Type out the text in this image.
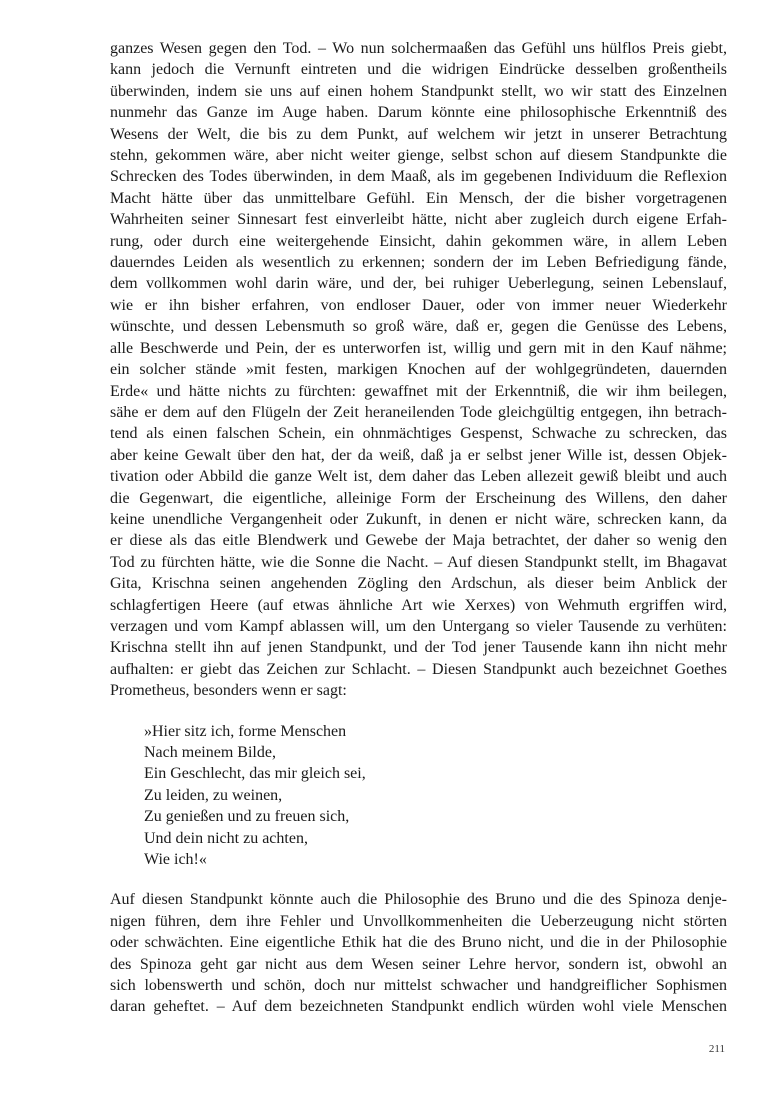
ganzes Wesen gegen den Tod. – Wo nun solchermaaßen das Gefühl uns hülflos Preis giebt,
kann jedoch die Vernunft eintreten und die widrigen Eindrücke desselben großentheils
überwinden, indem sie uns auf einen hohem Standpunkt stellt, wo wir statt des Einzelnen
nunmehr das Ganze im Auge haben. Darum könnte eine philosophische Erkenntniß des
Wesens der Welt, die bis zu dem Punkt, auf welchem wir jetzt in unserer Betrachtung
stehn, gekommen wäre, aber nicht weiter gienge, selbst schon auf diesem Standpunkte die
Schrecken des Todes überwinden, in dem Maaß, als im gegebenen Individuum die Reflexion
Macht hätte über das unmittelbare Gefühl. Ein Mensch, der die bisher vorgetragenen
Wahrheiten seiner Sinnesart fest einverleibt hätte, nicht aber zugleich durch eigene Erfah-
rung, oder durch eine weitergehende Einsicht, dahin gekommen wäre, in allem Leben
dauerndes Leiden als wesentlich zu erkennen; sondern der im Leben Befriedigung fände,
dem vollkommen wohl darin wäre, und der, bei ruhiger Ueberlegung, seinen Lebenslauf,
wie er ihn bisher erfahren, von endloser Dauer, oder von immer neuer Wiederkehr
wünschte, und dessen Lebensmuth so groß wäre, daß er, gegen die Genüsse des Lebens,
alle Beschwerde und Pein, der es unterworfen ist, willig und gern mit in den Kauf nähme;
ein solcher stände »mit festen, markigen Knochen auf der wohlgegründeten, dauernden
Erde« und hätte nichts zu fürchten: gewaffnet mit der Erkenntniß, die wir ihm beilegen,
sähe er dem auf den Flügeln der Zeit heraneilenden Tode gleichgültig entgegen, ihn betrach-
tend als einen falschen Schein, ein ohnmächtiges Gespenst, Schwache zu schrecken, das
aber keine Gewalt über den hat, der da weiß, daß ja er selbst jener Wille ist, dessen Objek-
tivation oder Abbild die ganze Welt ist, dem daher das Leben allezeit gewiß bleibt und auch
die Gegenwart, die eigentliche, alleinige Form der Erscheinung des Willens, den daher
keine unendliche Vergangenheit oder Zukunft, in denen er nicht wäre, schrecken kann, da
er diese als das eitle Blendwerk und Gewebe der Maja betrachtet, der daher so wenig den
Tod zu fürchten hätte, wie die Sonne die Nacht. – Auf diesen Standpunkt stellt, im Bhagavat
Gita, Krischna seinen angehenden Zögling den Ardschun, als dieser beim Anblick der
schlagfertigen Heere (auf etwas ähnliche Art wie Xerxes) von Wehmuth ergriffen wird,
verzagen und vom Kampf ablassen will, um den Untergang so vieler Tausende zu verhüten:
Krischna stellt ihn auf jenen Standpunkt, und der Tod jener Tausende kann ihn nicht mehr
aufhalten: er giebt das Zeichen zur Schlacht. – Diesen Standpunkt auch bezeichnet Goethes
Prometheus, besonders wenn er sagt:
»Hier sitz ich, forme Menschen
Nach meinem Bilde,
Ein Geschlecht, das mir gleich sei,
Zu leiden, zu weinen,
Zu genießen und zu freuen sich,
Und dein nicht zu achten,
Wie ich!«
Auf diesen Standpunkt könnte auch die Philosophie des Bruno und die des Spinoza denje-
nigen führen, dem ihre Fehler und Unvollkommenheiten die Ueberzeugung nicht störten
oder schwächten. Eine eigentliche Ethik hat die des Bruno nicht, und die in der Philosophie
des Spinoza geht gar nicht aus dem Wesen seiner Lehre hervor, sondern ist, obwohl an
sich lobenswerth und schön, doch nur mittelst schwacher und handgreiflicher Sophismen
daran geheftet. – Auf dem bezeichneten Standpunkt endlich würden wohl viele Menschen
211
